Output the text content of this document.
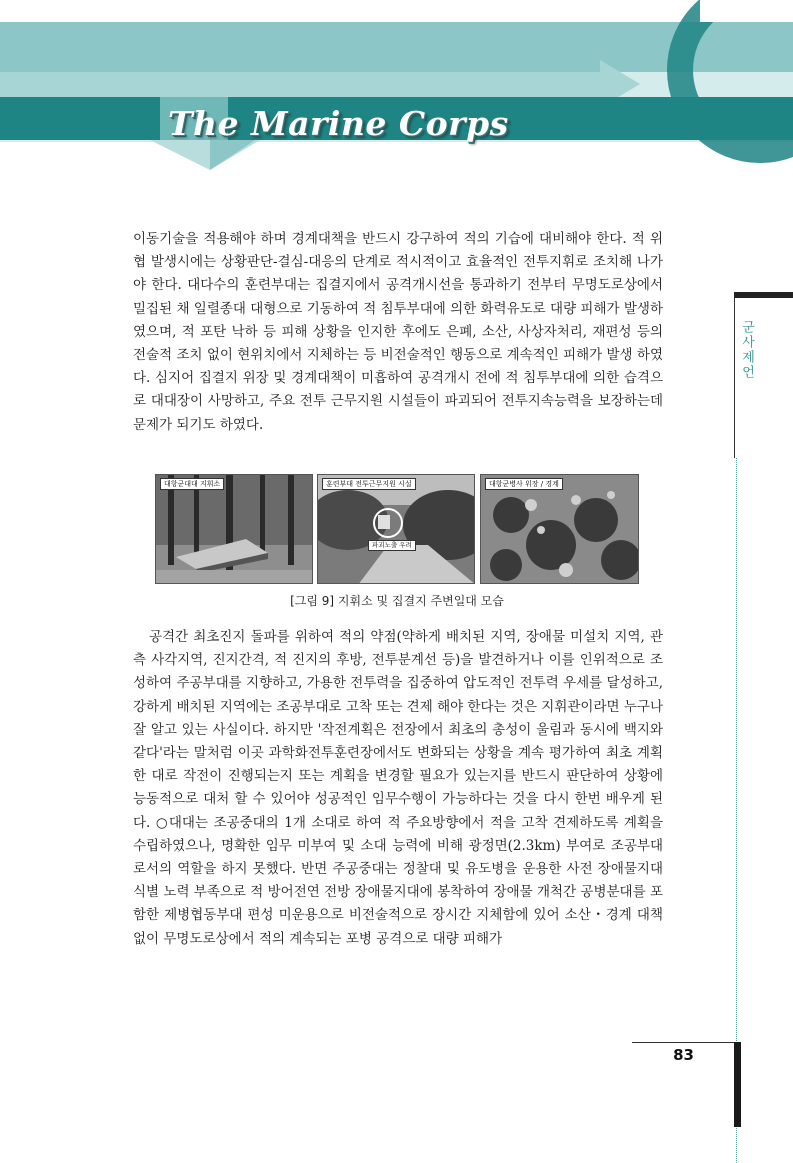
The Marine Corps
군사제언

이동기술을 적용해야 하며 경계대책을 반드시 강구하여 적의 기습에 대비해야 한다. 적 위협 발생시에는 상황판단-결심-대응의 단계로 적시적이고 효율적인 전투지휘로 조치해 나가야 한다. 대다수의 훈련부대는 집결지에서 공격개시선을 통과하기 전부터 무명도로상에서 밀집된 채 일렬종대 대형으로 기동하여 적 침투부대에 의한 화력유도로 대량 피해가 발생하였으며, 적 포탄 낙하 등 피해 상황을 인지한 후에도 은폐, 소산, 사상자처리, 재편성 등의 전술적 조치 없이 현위치에서 지체하는 등 비전술적인 행동으로 계속적인 피해가 발생 하였다. 심지어 집결지 위장 및 경계대책이 미흡하여 공격개시 전에 적 침투부대에 의한 습격으로 대대장이 사망하고, 주요 전투 근무지원 시설들이 파괴되어 전투지속능력을 보장하는데 문제가 되기도 하였다.

대항군대대 지휘소	훈련부대 전투근무지원 시설
파괴노출 우려
대항군병사 위장 / 경계
[그림 9] 지휘소 및 집결지 주변일대 모습

공격간 최초진지 돌파를 위하여 적의 약점(약하게 배치된 지역, 장애물 미설치 지역, 관측 사각지역, 진지간격, 적 진지의 후방, 전투분계선 등)을 발견하거나 이를 인위적으로 조성하여 주공부대를 지향하고, 가용한 전투력을 집중하여 압도적인 전투력 우세를 달성하고, 강하게 배치된 지역에는 조공부대로 고착 또는 견제 해야 한다는 것은 지휘관이라면 누구나 잘 알고 있는 사실이다. 하지만 '작전계획은 전장에서 최초의 총성이 울림과 동시에 백지와 같다'라는 말처럼 이곳 과학화전투훈련장에서도 변화되는 상황을 계속 평가하여 최초 계획한 대로 작전이 진행되는지 또는 계획을 변경할 필요가 있는지를 반드시 판단하여 상황에 능동적으로 대처 할 수 있어야 성공적인 임무수행이 가능하다는 것을 다시 한번 배우게 된다. ○대대는 조공중대의 1개 소대로 하여 적 주요방향에서 적을 고착 견제하도록 계획을 수립하였으나, 명확한 임무 미부여 및 소대 능력에 비해 광정면(2.3km) 부여로 조공부대로서의 역할을 하지 못했다. 반면 주공중대는 정찰대 및 유도병을 운용한 사전 장애물지대 식별 노력 부족으로 적 방어전연 전방 장애물지대에 봉착하여 장애물 개척간 공병분대를 포함한 제병협동부대 편성 미운용으로 비전술적으로 장시간 지체함에 있어 소산・경계 대책없이 무명도로상에서 적의 계속되는 포병 공격으로 대량 피해가

83
